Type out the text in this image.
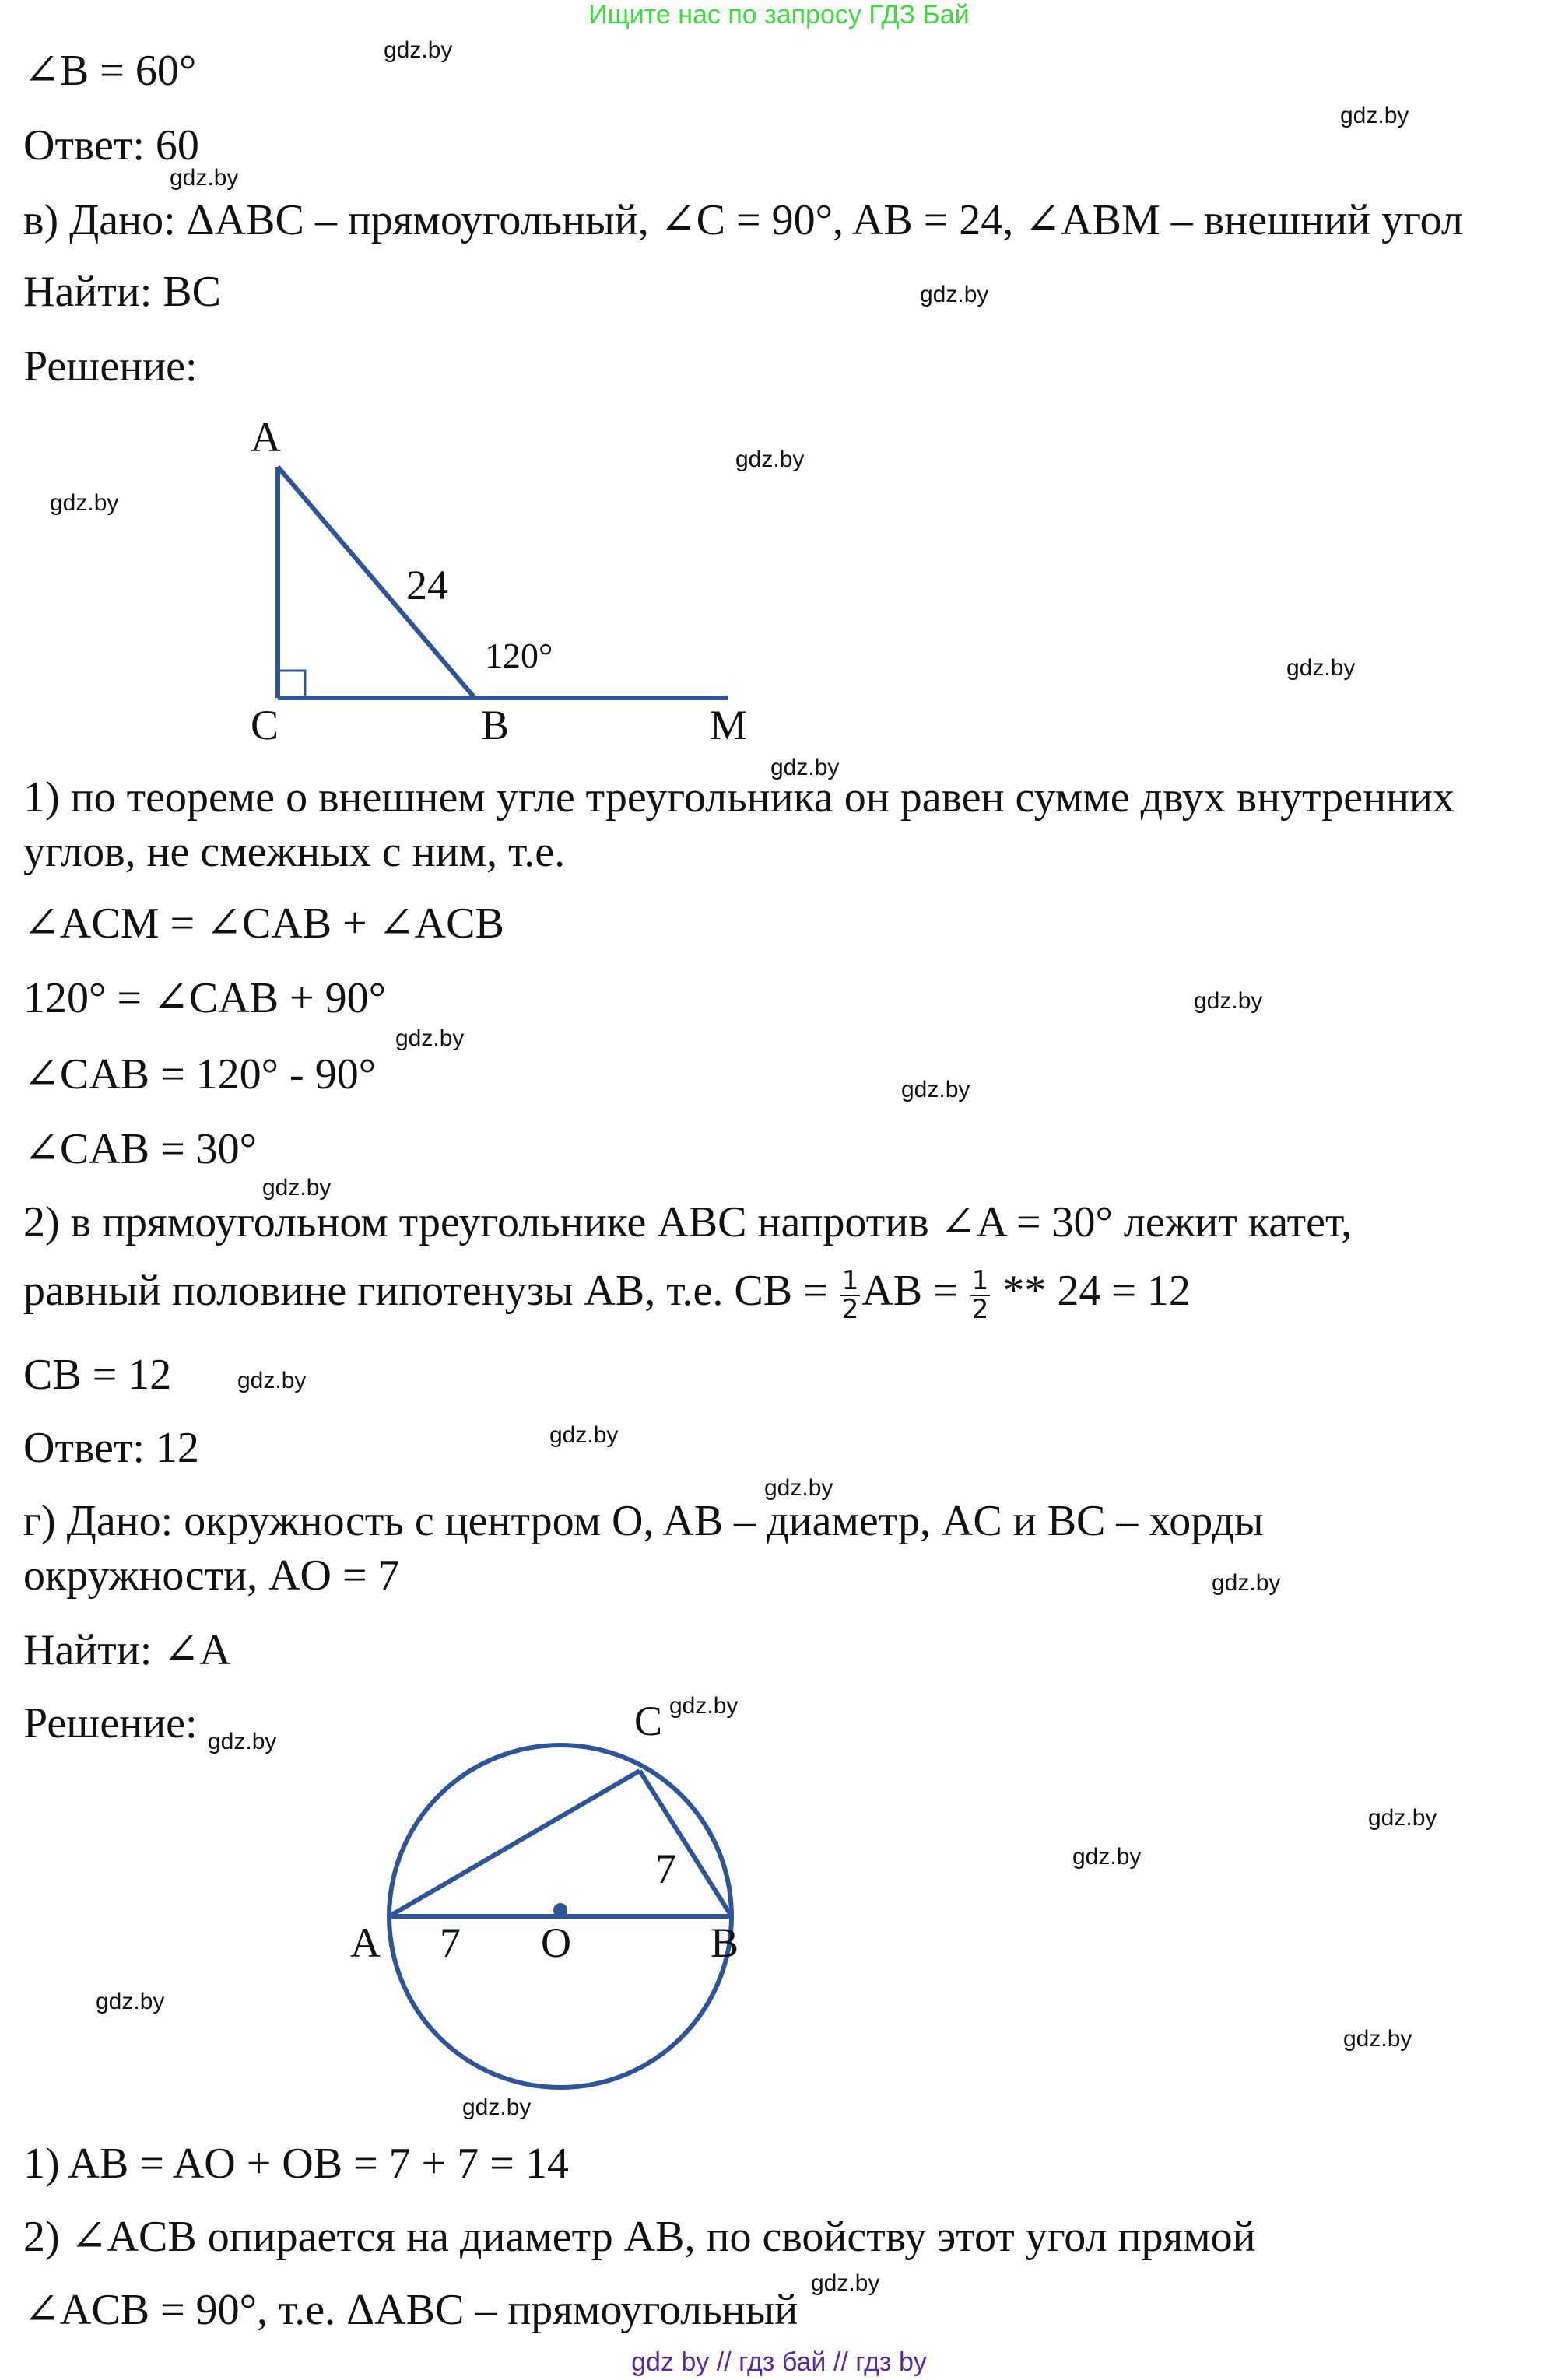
Ищите нас по запросу ГДЗ Бай
∠B = 60°
Ответ: 60
в) Дано: ΔABC – прямоугольный, ∠C = 90°, AB = 24, ∠ABM – внешний угол
Найти: BC
Решение:
A
C	B	M
24
120°
1) по теореме о внешнем угле треугольника он равен сумме двух внутренних
углов, не смежных с ним, т.е.
∠ACM = ∠CAB + ∠ACB
120° = ∠CAB + 90°
∠CAB = 120° - 90°
∠CAB = 30°
2) в прямоугольном треугольнике ABC напротив ∠A = 30° лежит катет,
равный половине гипотенузы AB, т.е. CB = $\frac{1}{2}$ AB = $\frac{1}{2} ** 24 = 12$
CB = 12
Ответ: 12
г) Дано: окружность с центром O, AB – диаметр, AC и BC – хорды
окружности, AO = 7
Найти: ∠A
Решение:
A 7 O	B
C
7
1) AB = AO + OB = 7 + 7 = 14
2) ∠ACB опирается на диаметр AB, по свойству этот угол прямой
∠ACB = 90°, т.е. ΔABC – прямоугольный
gdz.by
gdz.by
gdz.by
gdz.by
gdz.by
gdz.by
gdz.by
gdz.by
gdz.by
gdz.by
gdz.by
gdz.by
gdz.by
gdz.by
gdz.by
gdz.by
gdz.by
gdz.by
gdz.by
gdz.by
gdz.by
gdz.by
gdz.by
gdz.by
gdz by // гдз бай // гдз by
